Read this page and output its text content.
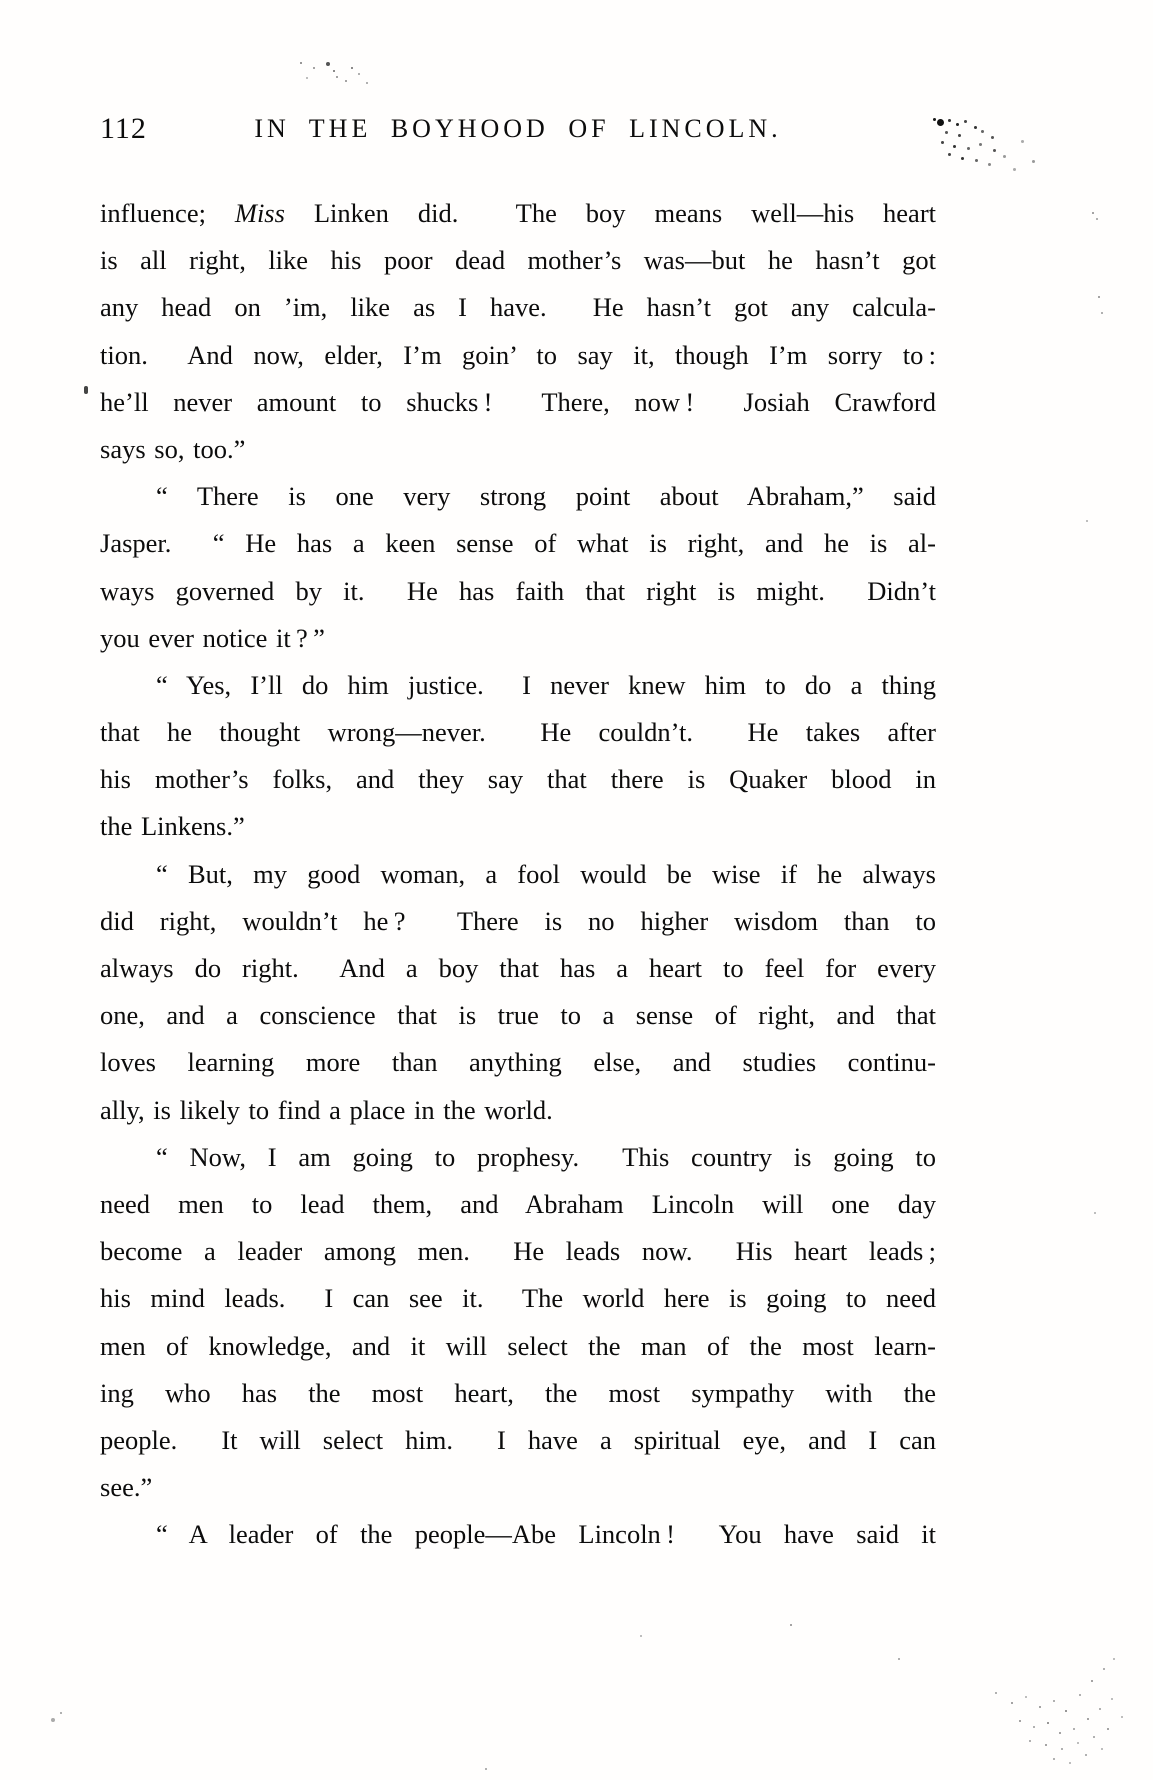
112	IN THE BOYHOOD OF LINCOLN.
influence; Miss Linken did.  The boy means well—his heart
is all right, like his poor dead mother’s was—but he hasn’t got
any head on ’im, like as I have.  He hasn’t got any calcula-
tion.  And now, elder, I’m goin’ to say it, though I’m sorry to :
he’ll never amount to shucks !  There, now !  Josiah Crawford
says so, too.”
“ There is one very strong point about Abraham,” said
Jasper.  “ He has a keen sense of what is right, and he is al-
ways governed by it.  He has faith that right is might.  Didn’t
you ever notice it ? ”
“ Yes, I’ll do him justice.  I never knew him to do a thing
that he thought wrong—never.  He couldn’t.  He takes after
his mother’s folks, and they say that there is Quaker blood in
the Linkens.”
“ But, my good woman, a fool would be wise if he always
did right, wouldn’t he ?  There is no higher wisdom than to
always do right.  And a boy that has a heart to feel for every
one, and a conscience that is true to a sense of right, and that
loves learning more than anything else, and studies continu-
ally, is likely to find a place in the world.
“ Now, I am going to prophesy.  This country is going to
need men to lead them, and Abraham Lincoln will one day
become a leader among men.  He leads now.  His heart leads ;
his mind leads.  I can see it.  The world here is going to need
men of knowledge, and it will select the man of the most learn-
ing who has the most heart, the most sympathy with the
people.  It will select him.  I have a spiritual eye, and I can
see.”
“ A leader of the people—Abe Lincoln !  You have said it
